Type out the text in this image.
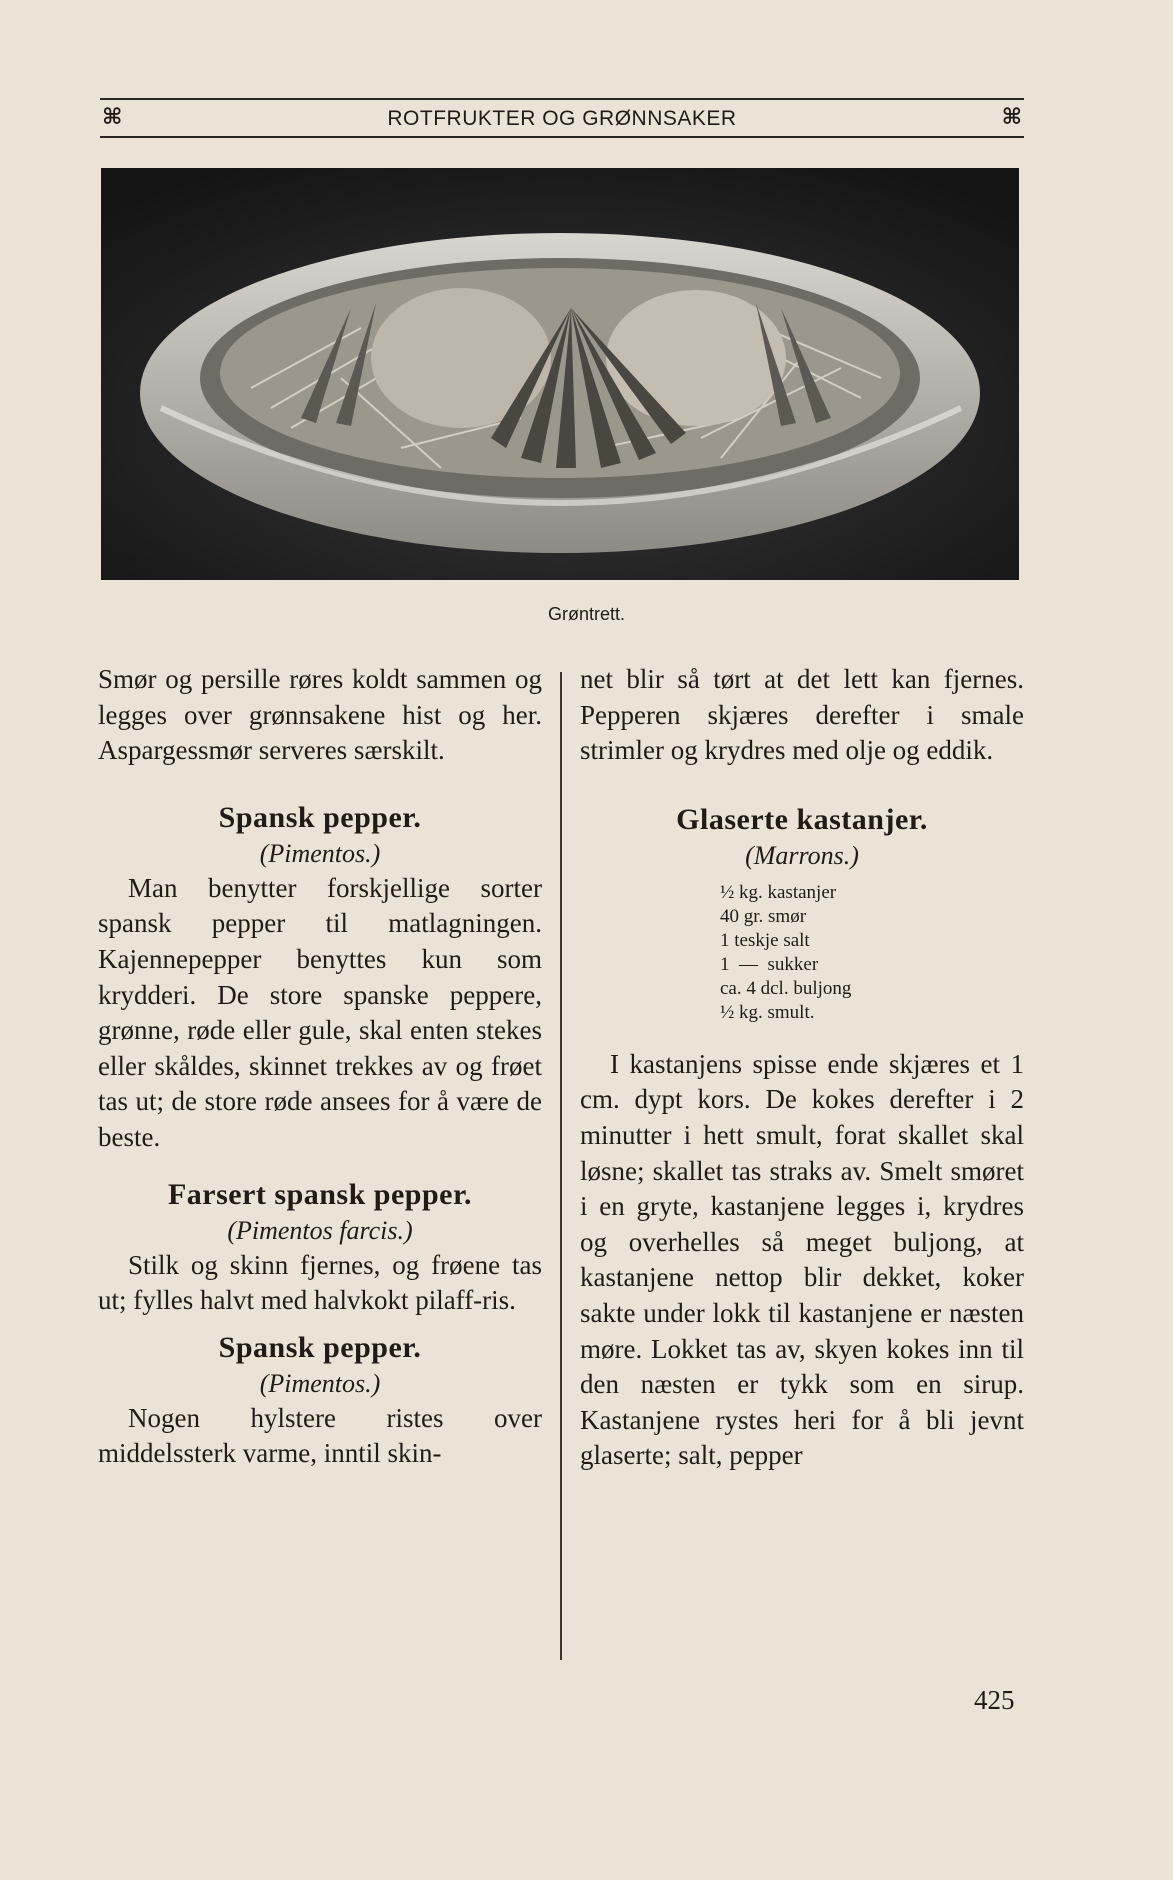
⌘	ROTFRUKTER OG GRØNNSAKER	⌘
Grøntrett.

Smør og persille røres koldt sammen og legges over grønnsakene hist og her. Aspargessmør serveres særskilt.

Spansk pepper.
(Pimentos.)

Man benytter forskjellige sorter spansk pepper til matlagningen. Kajennepepper benyttes kun som krydderi. De store spanske peppere, grønne, røde eller gule, skal enten stekes eller skåldes, skinnet trekkes av og frøet tas ut; de store røde ansees for å være de beste.

Farsert spansk pepper.
(Pimentos farcis.)

Stilk og skinn fjernes, og frøene tas ut; fylles halvt med halvkokt pilaff-ris.

Spansk pepper.
(Pimentos.)

Nogen hylstere ristes over middelssterk varme, inntil skin-

net blir så tørt at det lett kan fjernes. Pepperen skjæres derefter i smale strimler og krydres med olje og eddik.

Glaserte kastanjer.
(Marrons.)
½ kg. kastanjer
40 gr. smør
1 teskje salt
1  —  sukker
ca. 4 dcl. buljong
½ kg. smult.

I kastanjens spisse ende skjæres et 1 cm. dypt kors. De kokes derefter i 2 minutter i hett smult, forat skallet skal løsne; skallet tas straks av. Smelt smøret i en gryte, kastanjene legges i, krydres og overhelles så meget buljong, at kastanjene nettop blir dekket, koker sakte under lokk til kastanjene er næsten møre. Lokket tas av, skyen kokes inn til den næsten er tykk som en sirup. Kastanjene rystes heri for å bli jevnt glaserte; salt, pepper

425
